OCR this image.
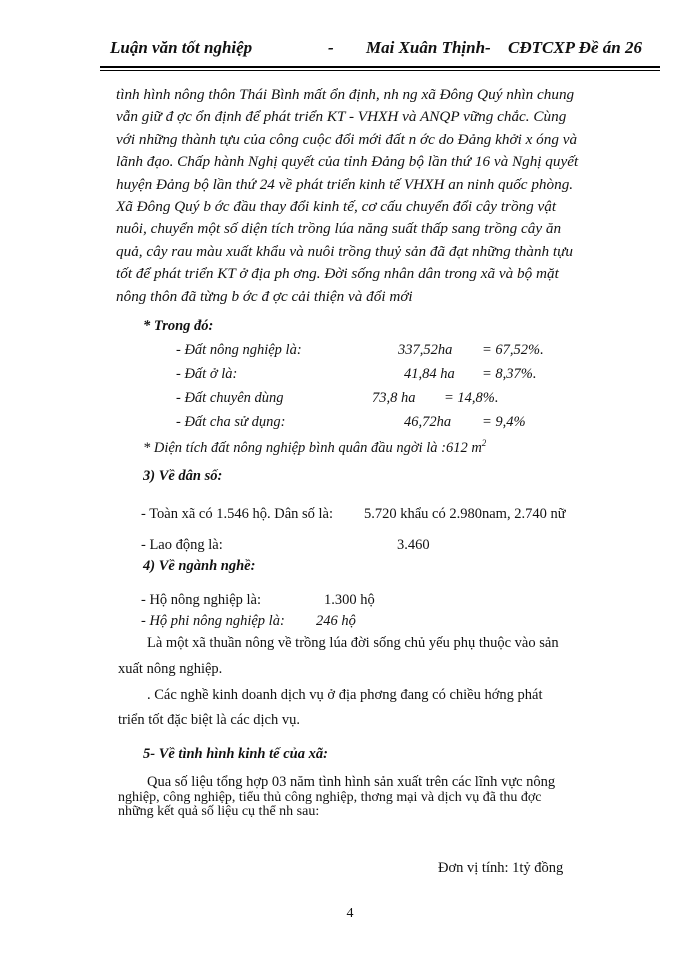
Luận văn tốt nghiệp	- Mai Xuân Thịnh - CĐTCXP Đề án 26
tình hình nông thôn Thái Bình mất ổn định, nh ng xã Đông Quý nhìn chung
vẫn giữ đ ợc ổn định để phát triển KT - VHXH và ANQP vững chắc. Cùng
với những thành tựu của công cuộc đổi mới đất n ớc do Đảng khởi x óng và
lãnh đạo. Chấp hành Nghị quyết của tỉnh Đảng bộ lần thứ 16 và Nghị quyết
huyện Đảng bộ lần thứ 24 về phát triển kinh tế VHXH an ninh quốc phòng.
Xã Đông Quý b ớc đầu thay đổi kinh tế, cơ cấu chuyển đổi cây trồng vật
nuôi, chuyển một số diện tích trồng lúa năng suất thấp sang trồng cây ăn
quả, cây rau màu xuất khẩu và nuôi trồng thuỷ sản đã đạt những thành tựu
tốt để phát triển KT ở địa ph ơng. Đời sống nhân dân trong xã và bộ mặt
nông thôn đã từng b ớc đ ợc cải thiện và đổi mới
* Trong đó:
- Đất nông nghiệp là:	337,52ha = 67,52%.
- Đất ở là:	41,84 ha = 8,37%.
- Đất chuyên dùng	73,8 ha = 14,8%.
- Đất cha sử dụng:	46,72ha = 9,4%
* Diện tích đất nông nghiệp bình quân đầu ngời là :612 $m^2$
3) Về dân số:
- Toàn xã có 1.546 hộ. Dân số là: 5.720 khẩu có 2.980nam, 2.740 nữ
- Lao động là:	3.460
4) Về ngành nghề:
- Hộ nông nghiệp là:	1.300 hộ
- Hộ phi nông nghiệp là: 246 hộ
Là một xã thuần nông về trồng lúa đời sống chủ yếu phụ thuộc vào sản
xuất nông nghiệp.
. Các nghề kinh doanh dịch vụ ở địa phơng đang có chiều hớng phát
triển tốt đặc biệt là các dịch vụ.
5- Về tình hình kinh tế của xã:
Qua số liệu tổng hợp 03 năm tình hình sản xuất trên các lĩnh vực nông
nghiệp, công nghiệp, tiểu thủ công nghiệp, thơng mại và dịch vụ đã thu đợc
những kết quả số liệu cụ thể nh sau:
Đơn vị tính: 1tỷ đồng
4
